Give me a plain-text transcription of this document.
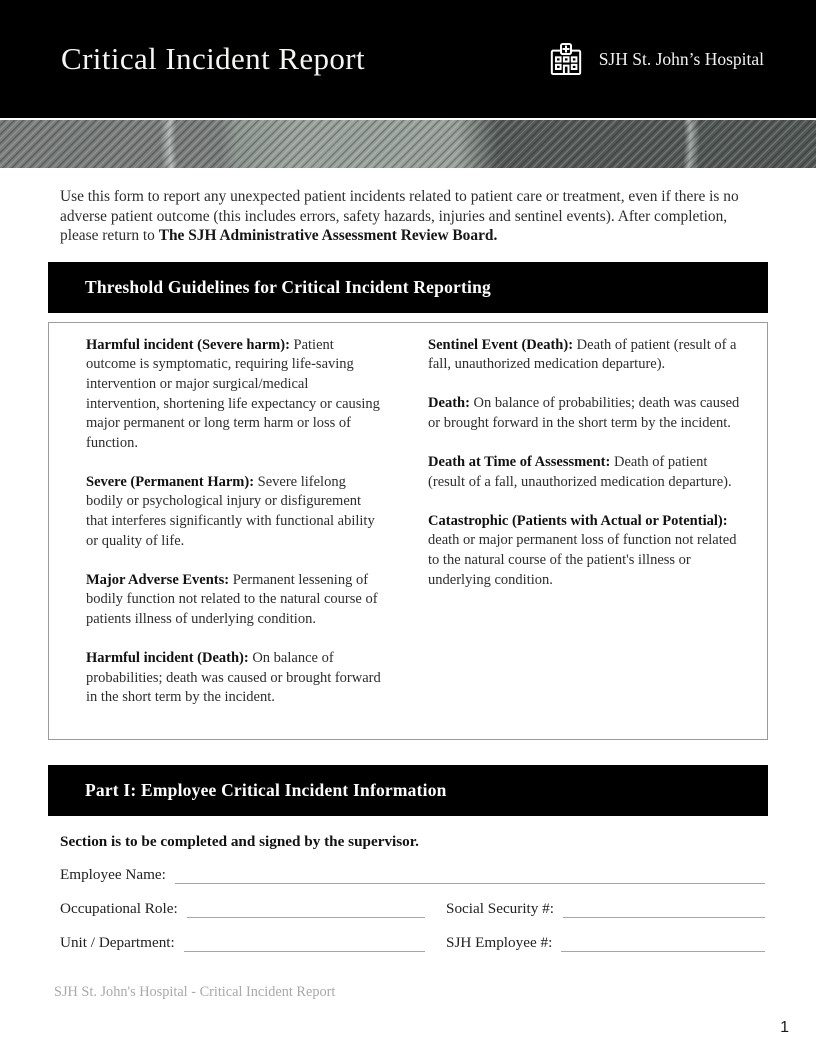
Critical Incident Report	SJH St. John’s Hospital

Use this form to report any unexpected patient incidents related to patient care or treatment, even if there is no adverse patient outcome (this includes errors, safety hazards, injuries and sentinel events). After completion, please return to The SJH Administrative Assessment Review Board.

Threshold Guidelines for Critical Incident Reporting

Harmful incident (Severe harm): Patient outcome is symptomatic, requiring life-saving intervention or major surgical/medical intervention, shortening life expectancy or causing major permanent or long term harm or loss of function.

Severe (Permanent Harm): Severe lifelong bodily or psychological injury or disfigurement that interferes significantly with functional ability or quality of life.

Major Adverse Events: Permanent lessening of bodily function not related to the natural course of patients illness of underlying condition.

Harmful incident (Death): On balance of probabilities; death was caused or brought forward in the short term by the incident.

Sentinel Event (Death): Death of patient (result of a fall, unauthorized medication departure).

Death: On balance of probabilities; death was caused or brought forward in the short term by the incident.

Death at Time of Assessment: Death of patient (result of a fall, unauthorized medication departure).

Catastrophic (Patients with Actual or Potential): death or major permanent loss of function not related to the natural course of the patient's illness or underlying condition.

Part I: Employee Critical Incident Information

Section is to be completed and signed by the supervisor.

Employee Name:
Occupational Role:	Social Security #:
Unit / Department:	SJH Employee #:
SJH St. John's Hospital - Critical Incident Report
1
